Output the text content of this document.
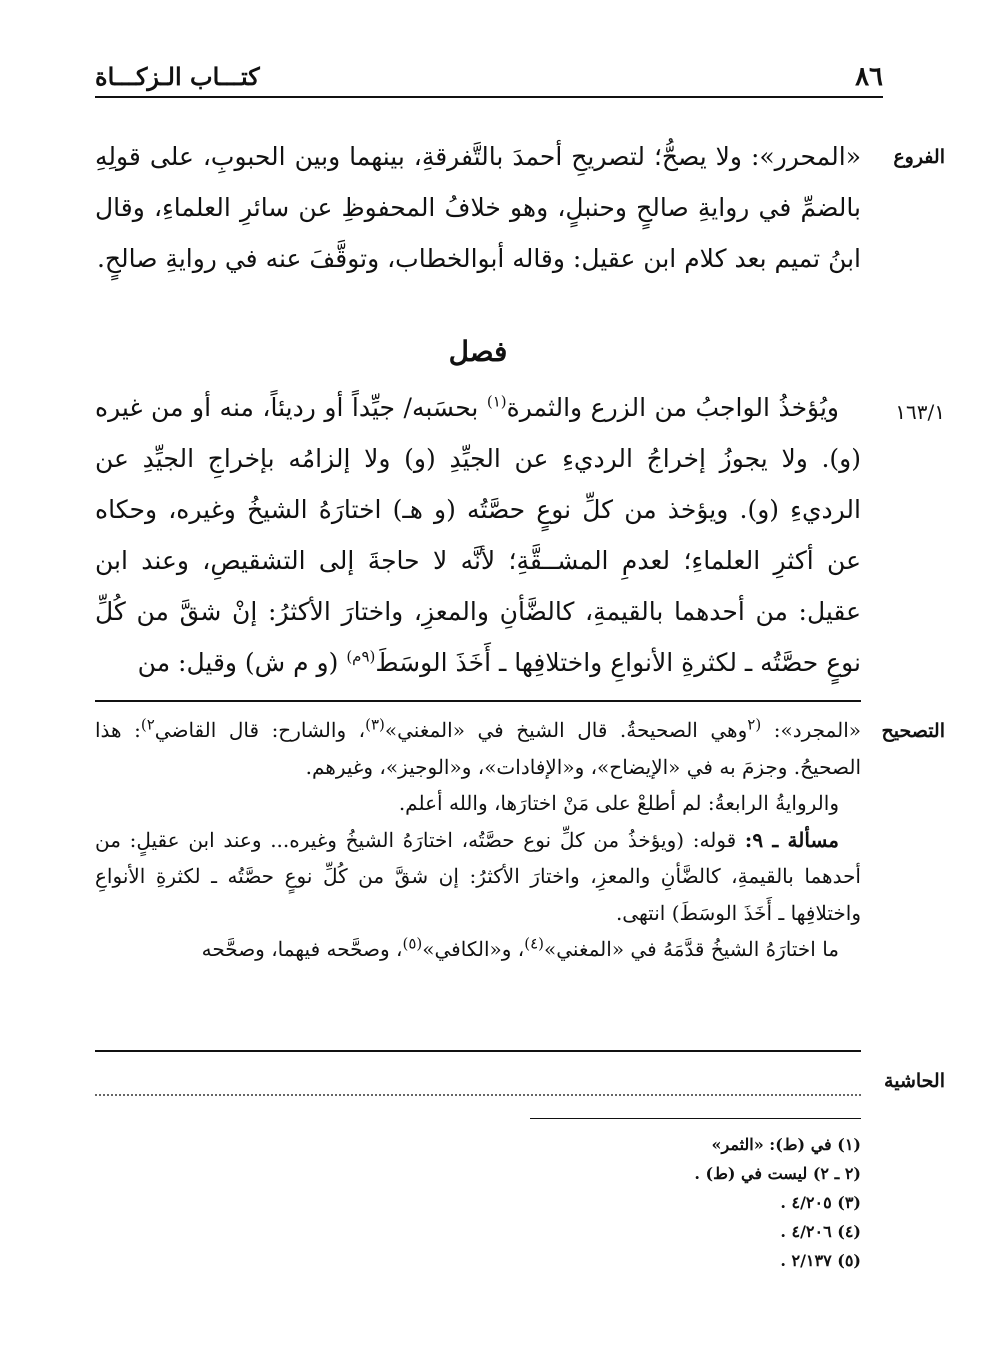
٨٦
كتـــاب الـزكـــاة
الفروع

«المحرر»: ولا يصحُّ؛ لتصريحِ أحمدَ بالتَّفرقةِ، بينهما وبين الحبوبِ، على قولِهِ بالضمِّ في روايةِ صالحٍ وحنبلٍ، وهو خلافُ المحفوظِ عن سائرِ العلماءِ، وقال ابنُ تميم بعد كلام ابن عقيل: وقاله أبوالخطاب، وتوقَّفَ عنه في روايةِ صالحٍ.

فصل
١٦٣/١

ويُؤخذُ الواجبُ من الزرع والثمرة$^{(١)}$ بحسَبه/ جيِّداً أو رديئاً، منه أو من غيره (و). ولا يجوزُ إخراجُ الرديءِ عن الجيِّدِ (و) ولا إلزامُه بإخراجِ الجيِّدِ عن الرديءِ (و). ويؤخذ من كلِّ نوعٍ حصَّتُه (و هـ) اختارَهُ الشيخُ وغيره، وحكاه عن أكثرِ العلماءِ؛ لعدمِ المشــقَّةِ؛ لأنَّه لا حاجةَ إلى التشقيصِ، وعند ابن عقيل: من أحدهما بالقيمةِ، كالضَّأنِ والمعزِ، واختارَ الأكثرُ: إنْ شقَّ من كُلِّ نوعٍ حصَّتُه ـ لكثرةِ الأنواعِ واختلافِها ـ أَخَذَ الوسَطَ$^{(٩م)}$ (و م ش) وقيل: من

التصحيح

«المجرد»: $^{(٢}$وهي الصحيحةُ. قال الشيخ في «المغني»$^{(٣)}$، والشارح: قال القاضي$^{٢)}$: هذا الصحيحُ. وجزمَ به في «الإيضاح»، و«الإفادات»، و«الوجيز»، وغيرهم.

والروايةُ الرابعةُ: لم أطلعْ على مَنْ اختارَها، والله أعلم.

مسألة ـ ٩: قوله: (ويؤخذُ من كلِّ نوع حصَّتُه، اختارَهُ الشيخُ وغيره... وعند ابن عقيلٍ: من أحدهما بالقيمةِ، كالضَّأنِ والمعزِ، واختارَ الأكثرُ: إن شقَّ من كُلِّ نوعٍ حصَّتُه ـ لكثرةِ الأنواعِ واختلافِها ـ أَخَذَ الوسَطَ) انتهى.

ما اختارَهُ الشيخُ قدَّمَهُ في «المغني»$^{(٤)}$، و«الكافي»$^{(٥)}$، وصحَّحه فيهما، وصحَّحه

الحاشية
(١) في (ط): «الثمر»
(٢ ـ ٢) ليست في (ط) .
(٣) ٤/٢٠٥ .
(٤) ٤/٢٠٦ .
(٥) ٢/١٣٧ .
